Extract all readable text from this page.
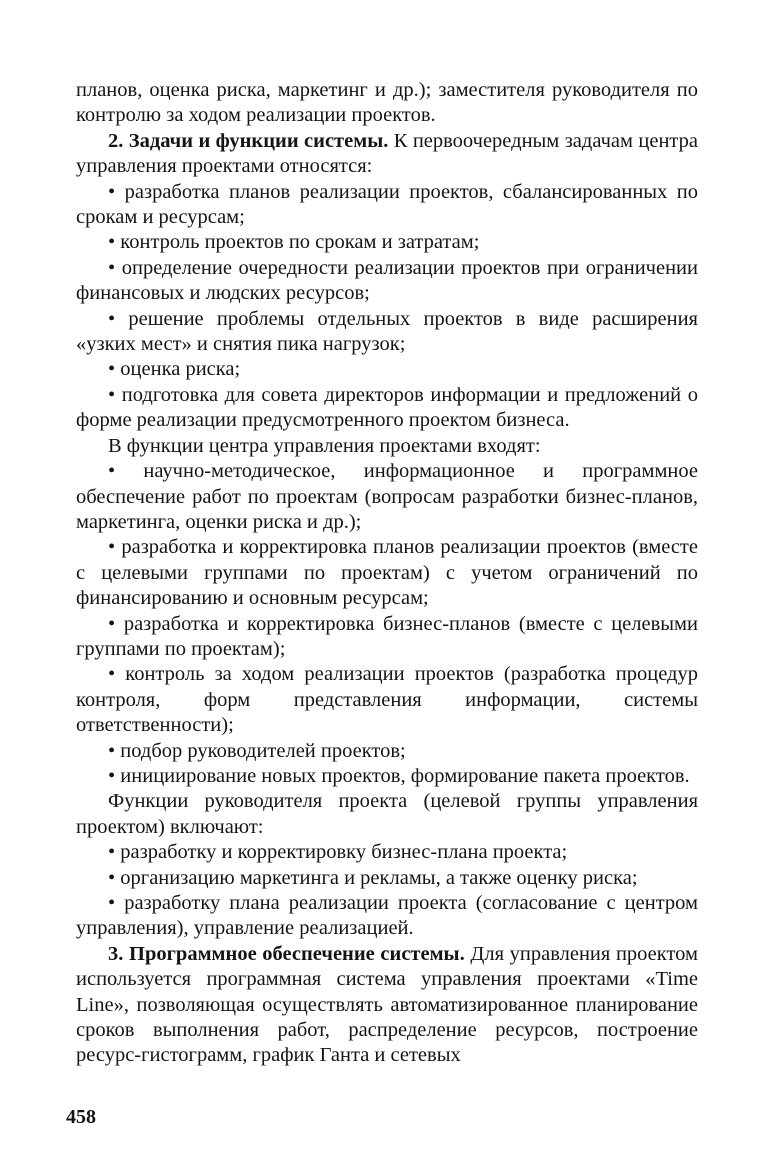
планов, оценка риска, маркетинг и др.); заместителя руководителя по контролю за ходом реализации проектов.

2. Задачи и функции системы. К первоочередным задачам центра управления проектами относятся:

• разработка планов реализации проектов, сбалансированных по срокам и ресурсам;

• контроль проектов по срокам и затратам;

• определение очередности реализации проектов при ограничении финансовых и людских ресурсов;

• решение проблемы отдельных проектов в виде расширения «узких мест» и снятия пика нагрузок;

• оценка риска;

• подготовка для совета директоров информации и предложений о форме реализации предусмотренного проектом бизнеса.

В функции центра управления проектами входят:

• научно-методическое, информационное и программное обеспечение работ по проектам (вопросам разработки бизнес-планов, маркетинга, оценки риска и др.);

• разработка и корректировка планов реализации проектов (вместе с целевыми группами по проектам) с учетом ограничений по финансированию и основным ресурсам;

• разработка и корректировка бизнес-планов (вместе с целевыми группами по проектам);

• контроль за ходом реализации проектов (разработка процедур контроля, форм представления информации, системы ответственности);

• подбор руководителей проектов;

• инициирование новых проектов, формирование пакета проектов.

Функции руководителя проекта (целевой группы управления проектом) включают:

• разработку и корректировку бизнес-плана проекта;

• организацию маркетинга и рекламы, а также оценку риска;

• разработку плана реализации проекта (согласование с центром управления), управление реализацией.

3. Программное обеспечение системы. Для управления проектом используется программная система управления проектами «Time Line», позволяющая осуществлять автоматизированное планирование сроков выполнения работ, распределение ресурсов, построение ресурс-гистограмм, график Ганта и сетевых

458
